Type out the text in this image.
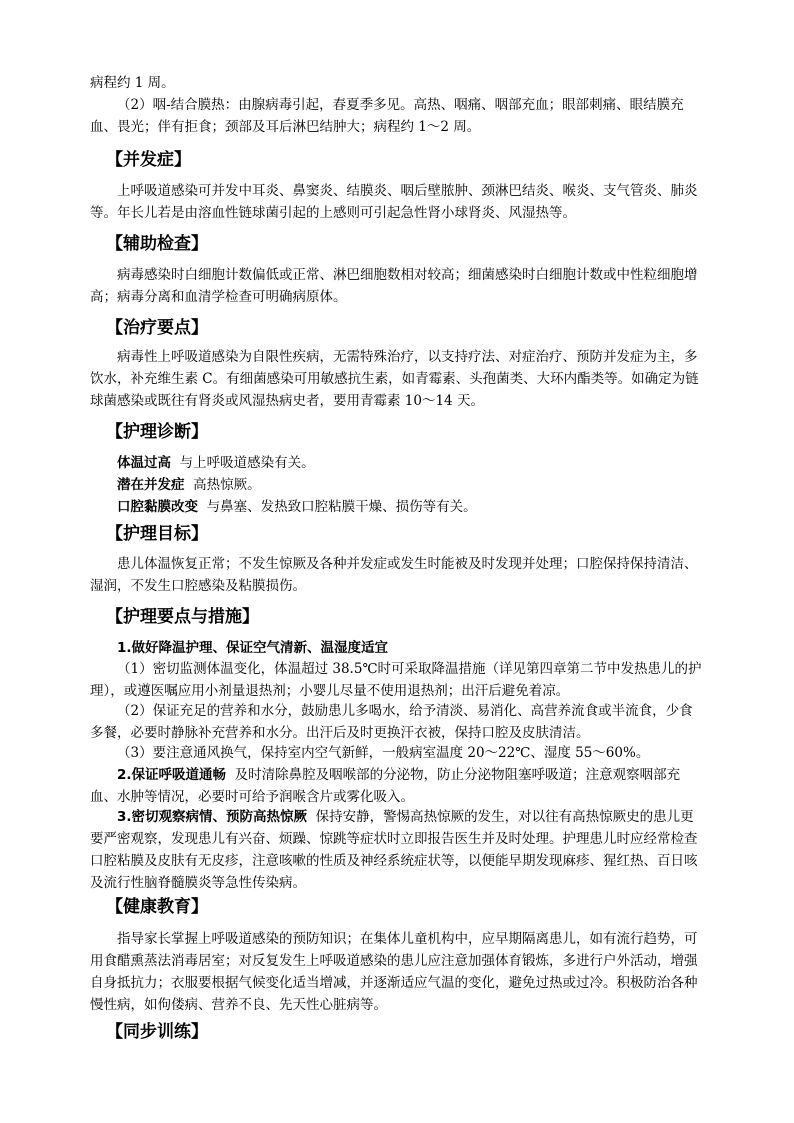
病程约 1 周。

（2）咽-结合膜热：由腺病毒引起，春夏季多见。高热、咽痛、咽部充血；眼部刺痛、眼结膜充血、畏光；伴有拒食；颈部及耳后淋巴结肿大；病程约 1～2 周。

【并发症】

上呼吸道感染可并发中耳炎、鼻窦炎、结膜炎、咽后壁脓肿、颈淋巴结炎、喉炎、支气管炎、肺炎等。年长儿若是由溶血性链球菌引起的上感则可引起急性肾小球肾炎、风湿热等。

【辅助检查】

病毒感染时白细胞计数偏低或正常、淋巴细胞数相对较高；细菌感染时白细胞计数或中性粒细胞增高；病毒分离和血清学检查可明确病原体。

【治疗要点】

病毒性上呼吸道感染为自限性疾病，无需特殊治疗，以支持疗法、对症治疗、预防并发症为主，多饮水，补充维生素 C。有细菌感染可用敏感抗生素，如青霉素、头孢菌类、大环内酯类等。如确定为链球菌感染或既往有肾炎或风湿热病史者，要用青霉素 10～14 天。

【护理诊断】
体温过高 与上呼吸道感染有关。
潜在并发症 高热惊厥。
口腔黏膜改变 与鼻塞、发热致口腔粘膜干燥、损伤等有关。
【护理目标】

患儿体温恢复正常；不发生惊厥及各种并发症或发生时能被及时发现并处理；口腔保持保持清洁、湿润，不发生口腔感染及粘膜损伤。

【护理要点与措施】

1.做好降温护理、保证空气清新、温湿度适宜

（1）密切监测体温变化，体温超过 38.5℃时可采取降温措施（详见第四章第二节中发热患儿的护理），或遵医嘱应用小剂量退热剂；小婴儿尽量不使用退热剂；出汗后避免着凉。

（2）保证充足的营养和水分，鼓励患儿多喝水，给予清淡、易消化、高营养流食或半流食，少食多餐，必要时静脉补充营养和水分。出汗后及时更换汗衣被，保持口腔及皮肤清洁。

（3）要注意通风换气，保持室内空气新鲜，一般病室温度 20～22℃、湿度 55～60%。

2.保证呼吸道通畅 及时清除鼻腔及咽喉部的分泌物，防止分泌物阻塞呼吸道；注意观察咽部充血、水肿等情况，必要时可给予润喉含片或雾化吸入。

3.密切观察病情、预防高热惊厥 保持安静，警惕高热惊厥的发生，对以往有高热惊厥史的患儿更要严密观察，发现患儿有兴奋、烦躁、惊跳等症状时立即报告医生并及时处理。护理患儿时应经常检查口腔粘膜及皮肤有无皮疹，注意咳嗽的性质及神经系统症状等，以便能早期发现麻疹、猩红热、百日咳及流行性脑脊髓膜炎等急性传染病。

【健康教育】

指导家长掌握上呼吸道感染的预防知识；在集体儿童机构中，应早期隔离患儿，如有流行趋势，可用食醋熏蒸法消毒居室；对反复发生上呼吸道感染的患儿应注意加强体育锻炼，多进行户外活动，增强自身抵抗力；衣服要根据气候变化适当增减，并逐渐适应气温的变化，避免过热或过冷。积极防治各种慢性病，如佝偻病、营养不良、先天性心脏病等。

【同步训练】
